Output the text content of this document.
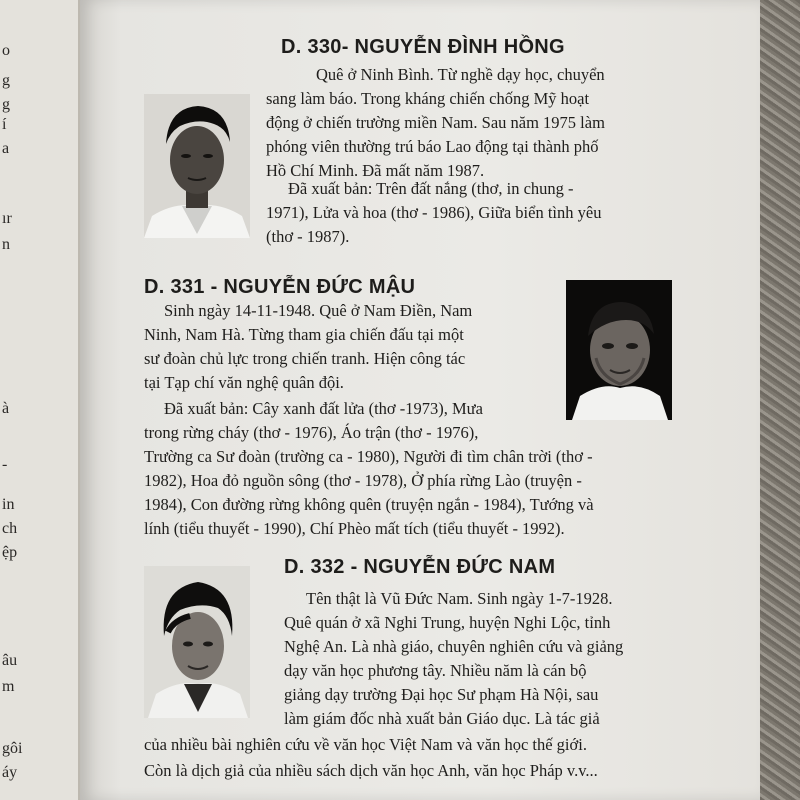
o
g
g
í
a
ır
n
à
in
ch
ệp
âu
m
gôi
áy
-
D. 330- NGUYỄN ĐÌNH HỒNG
Quê ở Ninh Bình. Từ nghề dạy học, chuyển
sang làm báo. Trong kháng chiến chống Mỹ hoạt
động ở chiến trường miền Nam. Sau năm 1975 làm
phóng viên thường trú báo Lao động tại thành phố
Hồ Chí Minh. Đã mất năm 1987.
Đã xuất bản: Trên đất nắng (thơ, in chung -
1971), Lửa và hoa (thơ - 1986), Giữa biển tình yêu
(thơ - 1987).
D. 331 - NGUYỄN ĐỨC MẬU
Sinh ngày 14-11-1948. Quê ở Nam Điền, Nam
Ninh, Nam Hà. Từng tham gia chiến đấu tại một
sư đoàn chủ lực trong chiến tranh. Hiện công tác
tại Tạp chí văn nghệ quân đội.
Đã xuất bản: Cây xanh đất lửa (thơ -1973), Mưa
trong rừng cháy (thơ - 1976), Áo trận (thơ - 1976),
Trường ca Sư đoàn (trường ca - 1980), Người đi tìm chân trời (thơ -
1982), Hoa đỏ nguồn sông (thơ - 1978), Ở phía rừng Lào (truyện -
1984), Con đường rừng không quên (truyện ngắn - 1984), Tướng và
lính (tiểu thuyết - 1990), Chí Phèo mất tích (tiểu thuyết - 1992).
D. 332 - NGUYỄN ĐỨC NAM
Tên thật là Vũ Đức Nam. Sinh ngày 1-7-1928.
Quê quán ở xã Nghi Trung, huyện Nghi Lộc, tỉnh
Nghệ An. Là nhà giáo, chuyên nghiên cứu và giảng
dạy văn học phương tây. Nhiều năm là cán bộ
giảng dạy trường Đại học Sư phạm Hà Nội, sau
làm giám đốc nhà xuất bản Giáo dục. Là tác giả
của nhiều bài nghiên cứu về văn học Việt Nam và văn học thế giới.
Còn là dịch giả của nhiều sách dịch văn học Anh, văn học Pháp v.v...
